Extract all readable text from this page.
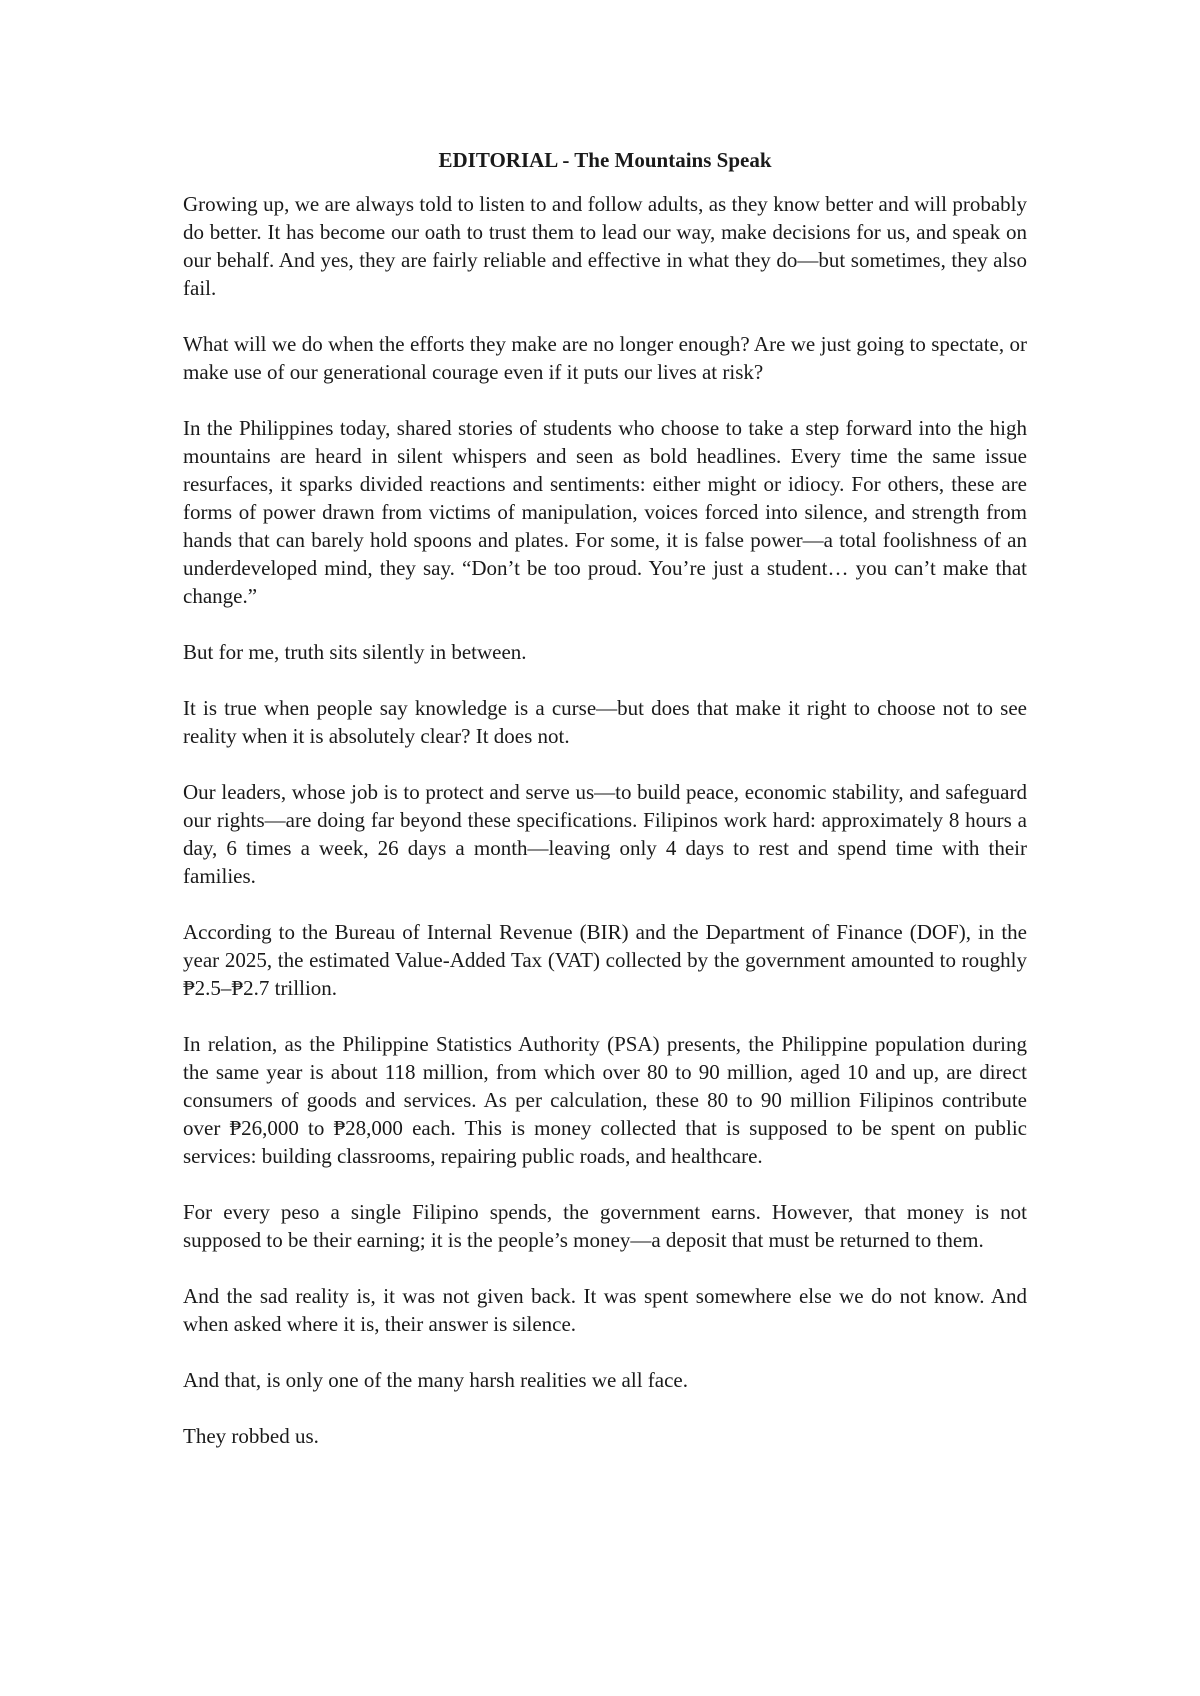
EDITORIAL - The Mountains Speak

Growing up, we are always told to listen to and follow adults, as they know better and will probably do better. It has become our oath to trust them to lead our way, make decisions for us, and speak on our behalf. And yes, they are fairly reliable and effective in what they do—but sometimes, they also fail.

What will we do when the efforts they make are no longer enough? Are we just going to spectate, or make use of our generational courage even if it puts our lives at risk?

In the Philippines today, shared stories of students who choose to take a step forward into the high mountains are heard in silent whispers and seen as bold headlines. Every time the same issue resurfaces, it sparks divided reactions and sentiments: either might or idiocy. For others, these are forms of power drawn from victims of manipulation, voices forced into silence, and strength from hands that can barely hold spoons and plates. For some, it is false power—a total foolishness of an underdeveloped mind, they say. “Don’t be too proud. You’re just a student… you can’t make that change.”

But for me, truth sits silently in between.

It is true when people say knowledge is a curse—but does that make it right to choose not to see reality when it is absolutely clear? It does not.

Our leaders, whose job is to protect and serve us—to build peace, economic stability, and safeguard our rights—are doing far beyond these specifications. Filipinos work hard: approximately 8 hours a day, 6 times a week, 26 days a month—leaving only 4 days to rest and spend time with their families.

According to the Bureau of Internal Revenue (BIR) and the Department of Finance (DOF), in the year 2025, the estimated Value-Added Tax (VAT) collected by the government amounted to roughly ₱2.5–₱2.7 trillion.

In relation, as the Philippine Statistics Authority (PSA) presents, the Philippine population during the same year is about 118 million, from which over 80 to 90 million, aged 10 and up, are direct consumers of goods and services. As per calculation, these 80 to 90 million Filipinos contribute over ₱26,000 to ₱28,000 each. This is money collected that is supposed to be spent on public services: building classrooms, repairing public roads, and healthcare.

For every peso a single Filipino spends, the government earns. However, that money is not supposed to be their earning; it is the people’s money—a deposit that must be returned to them.

And the sad reality is, it was not given back. It was spent somewhere else we do not know. And when asked where it is, their answer is silence.

And that, is only one of the many harsh realities we all face.

They robbed us.
